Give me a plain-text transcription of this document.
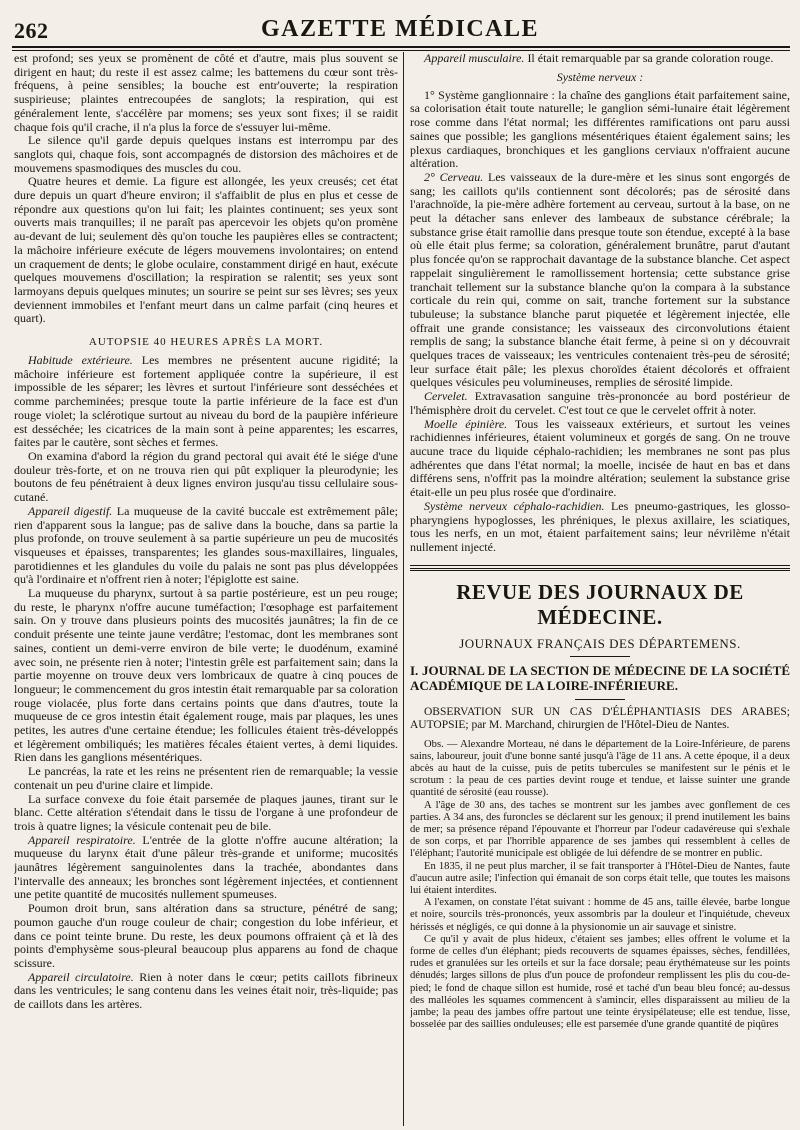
262	GAZETTE MÉDICALE

est profond; ses yeux se promènent de côté et d'autre, mais plus souvent se dirigent en haut; du reste il est assez calme; les battemens du cœur sont très-fréquens, à peine sensibles; la bouche est entr'ouverte; la respiration suspirieuse; plaintes entrecoupées de sanglots; la respiration, qui est généralement lente, s'accélère par momens; ses yeux sont fixes; il se raidit chaque fois qu'il crache, il n'a plus la force de s'essuyer lui-même.

Le silence qu'il garde depuis quelques instans est interrompu par des sanglots qui, chaque fois, sont accompagnés de distorsion des mâchoires et de mouvemens spasmodiques des muscles du cou.

Quatre heures et demie. La figure est allongée, les yeux creusés; cet état dure depuis un quart d'heure environ; il s'affaiblit de plus en plus et cesse de répondre aux questions qu'on lui fait; les plaintes continuent; ses yeux sont ouverts mais tranquilles; il ne paraît pas apercevoir les objets qu'on promène au-devant de lui; seulement dès qu'on touche les paupières elles se contractent; la mâchoire inférieure exécute de légers mouvemens involontaires; on entend un craquement de dents; le globe oculaire, constamment dirigé en haut, exécute quelques mouvemens d'oscillation; la respiration se ralentit; ses yeux sont larmoyans depuis quelques minutes; un sourire se peint sur ses lèvres; ses yeux deviennent immobiles et l'enfant meurt dans un calme parfait (cinq heures et quart).

AUTOPSIE 40 HEURES APRÈS LA MORT.

Habitude extérieure. Les membres ne présentent aucune rigidité; la mâchoire inférieure est fortement appliquée contre la supérieure, il est impossible de les séparer; les lèvres et surtout l'inférieure sont desséchées et comme parcheminées; presque toute la partie inférieure de la face est d'un rouge violet; la sclérotique surtout au niveau du bord de la paupière inférieure est desséchée; les cicatrices de la main sont à peine apparentes; les escarres, faites par le cautère, sont sèches et fermes.

On examina d'abord la région du grand pectoral qui avait été le siége d'une douleur très-forte, et on ne trouva rien qui pût expliquer la pleurodynie; les boutons de feu pénétraient à deux lignes environ jusqu'au tissu cellulaire sous-cutané.

Appareil digestif. La muqueuse de la cavité buccale est extrêmement pâle; rien d'apparent sous la langue; pas de salive dans la bouche, dans sa partie la plus profonde, on trouve seulement à sa partie supérieure un peu de mucosités visqueuses et épaisses, transparentes; les glandes sous-maxillaires, linguales, parotidiennes et les glandules du voile du palais ne sont pas plus développées qu'à l'ordinaire et n'offrent rien à noter; l'épiglotte est saine.

La muqueuse du pharynx, surtout à sa partie postérieure, est un peu rouge; du reste, le pharynx n'offre aucune tuméfaction; l'œsophage est parfaitement sain. On y trouve dans plusieurs points des mucosités jaunâtres; la fin de ce conduit présente une teinte jaune verdâtre; l'estomac, dont les membranes sont saines, contient un demi-verre environ de bile verte; le duodénum, examiné avec soin, ne présente rien à noter; l'intestin grêle est parfaitement sain; dans la partie moyenne on trouve deux vers lombricaux de quatre à cinq pouces de longueur; le commencement du gros intestin était remarquable par sa coloration rouge violacée, plus forte dans certains points que dans d'autres, toute la muqueuse de ce gros intestin était également rouge, mais par plaques, les unes petites, les autres d'une certaine étendue; les follicules étaient très-développés et légèrement ombiliqués; les matières fécales étaient vertes, à demi liquides. Rien dans les ganglions mésentériques.

Le pancréas, la rate et les reins ne présentent rien de remarquable; la vessie contenait un peu d'urine claire et limpide.

La surface convexe du foie était parsemée de plaques jaunes, tirant sur le blanc. Cette altération s'étendait dans le tissu de l'organe à une profondeur de trois à quatre lignes; la vésicule contenait peu de bile.

Appareil respiratoire. L'entrée de la glotte n'offre aucune altération; la muqueuse du larynx était d'une pâleur très-grande et uniforme; mucosités jaunâtres légèrement sanguinolentes dans la trachée, abondantes dans l'intervalle des anneaux; les bronches sont légèrement injectées, et contiennent une petite quantité de mucosités nullement spumeuses.

Poumon droit brun, sans altération dans sa structure, pénétré de sang; poumon gauche d'un rouge couleur de chair; congestion du lobe inférieur, et dans ce point teinte brune. Du reste, les deux poumons offraient çà et là des points d'emphysème sous-pleural beaucoup plus apparens au fond de chaque scissure.

Appareil circulatoire. Rien à noter dans le cœur; petits caillots fibrineux dans les ventricules; le sang contenu dans les veines était noir, très-liquide; pas de caillots dans les artères.

Appareil musculaire. Il était remarquable par sa grande coloration rouge.

Système nerveux :

1° Système ganglionnaire : la chaîne des ganglions était parfaitement saine, sa colorisation était toute naturelle; le ganglion sémi-lunaire était légèrement rose comme dans l'état normal; les différentes ramifications ont paru aussi saines que possible; les ganglions mésentériques étaient également sains; les plexus cardiaques, bronchiques et les ganglions cerviaux n'offraient aucune altération.

2° Cerveau. Les vaisseaux de la dure-mère et les sinus sont engorgés de sang; les caillots qu'ils contiennent sont décolorés; pas de sérosité dans l'arachnoïde, la pie-mère adhère fortement au cerveau, surtout à la base, on ne peut la détacher sans enlever des lambeaux de substance cérébrale; la substance grise était ramollie dans presque toute son étendue, excepté à la base où elle était plus ferme; sa coloration, généralement brunâtre, parut d'autant plus foncée qu'on se rapprochait davantage de la substance blanche. Cet aspect rappelait singulièrement le ramollissement hortensia; cette substance grise tranchait tellement sur la substance blanche qu'on la compara à la substance corticale du rein qui, comme on sait, tranche fortement sur la substance tubuleuse; la substance blanche parut piquetée et légèrement injectée, elle offrait une grande consistance; les vaisseaux des circonvolutions étaient remplis de sang; la substance blanche était ferme, à peine si on y découvrait quelques traces de vaisseaux; les ventricules contenaient très-peu de sérosité; leur surface était pâle; les plexus choroïdes étaient décolorés et offraient quelques vésicules peu volumineuses, remplies de sérosité limpide.

Cervelet. Extravasation sanguine très-prononcée au bord postérieur de l'hémisphère droit du cervelet. C'est tout ce que le cervelet offrit à noter.

Moelle épinière. Tous les vaisseaux extérieurs, et surtout les veines rachidiennes inférieures, étaient volumineux et gorgés de sang. On ne trouve aucune trace du liquide céphalo-rachidien; les membranes ne sont pas plus adhérentes que dans l'état normal; la moelle, incisée de haut en bas et dans différens sens, n'offrit pas la moindre altération; seulement la substance grise était-elle un peu plus rosée que d'ordinaire.

Système nerveux céphalo-rachidien. Les pneumo-gastriques, les glosso-pharyngiens hypoglosses, les phréniques, le plexus axillaire, les sciatiques, tous les nerfs, en un mot, étaient parfaitement sains; leur névrilème n'était nullement injecté.

REVUE DES JOURNAUX DE MÉDECINE.
JOURNAUX FRANÇAIS DES DÉPARTEMENS.
I. JOURNAL DE LA SECTION DE MÉDECINE DE LA SOCIÉTÉ ACADÉMIQUE DE LA LOIRE-INFÉRIEURE.
OBSERVATION SUR UN CAS D'ÉLÉPHANTIASIS DES ARABES; AUTOPSIE; par M. Marchand, chirurgien de l'Hôtel-Dieu de Nantes.

Obs. — Alexandre Morteau, né dans le département de la Loire-Inférieure, de parens sains, laboureur, jouit d'une bonne santé jusqu'à l'âge de 11 ans. A cette époque, il a deux abcès au haut de la cuisse, puis de petits tubercules se manifestent sur le pénis et le scrotum : la peau de ces parties devint rouge et tendue, et laisse suinter une grande quantité de sérosité (eau rousse).

A l'âge de 30 ans, des taches se montrent sur les jambes avec gonflement de ces parties. A 34 ans, des furoncles se déclarent sur les genoux; il prend inutilement les bains de mer; sa présence répand l'épouvante et l'horreur par l'odeur cadavéreuse qui s'exhale de son corps, et par l'horrible apparence de ses jambes qui ressemblent à celles de l'éléphant; l'autorité municipale est obligée de lui défendre de se montrer en public.

En 1835, il ne peut plus marcher, il se fait transporter à l'Hôtel-Dieu de Nantes, faute d'aucun autre asile; l'infection qui émanait de son corps était telle, que toutes les maisons lui étaient interdites.

A l'examen, on constate l'état suivant : homme de 45 ans, taille élevée, barbe longue et noire, sourcils très-prononcés, yeux assombris par la douleur et l'inquiétude, cheveux hérissés et négligés, ce qui donne à la physionomie un air sauvage et sinistre.

Ce qu'il y avait de plus hideux, c'étaient ses jambes; elles offrent le volume et la forme de celles d'un éléphant; pieds recouverts de squames épaisses, sèches, fendillées, rudes et granulées sur les orteils et sur la face dorsale; peau érythémateuse sur les points dénudés; larges sillons de plus d'un pouce de profondeur remplissent les plis du cou-de-pied; le fond de chaque sillon est humide, rosé et taché d'un beau bleu foncé; au-dessus des malléoles les squames commencent à s'amincir, elles disparaissent au milieu de la jambe; la peau des jambes offre partout une teinte érysipélateuse; elle est tendue, lisse, bosselée par des saillies onduleuses; elle est parsemée d'une grande quantité de piqûres
